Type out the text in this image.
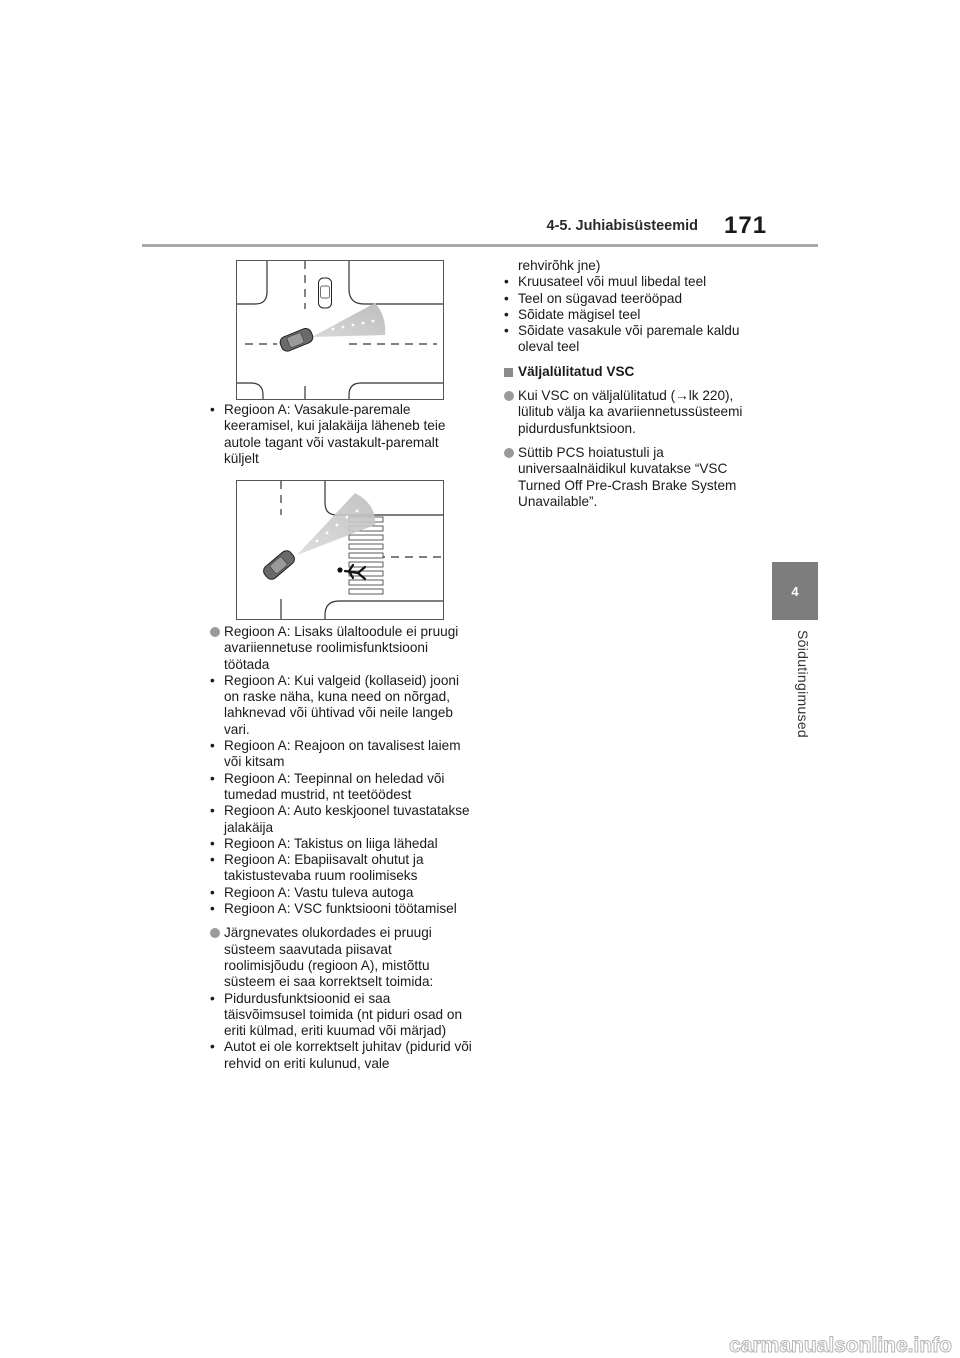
4-5. Juhiabisüsteemid 171
4
Sõidutingimused
• Regioon A: Vasakule-paremale keeramisel, kui jalakäija läheneb teie autole tagant või vastakult-paremalt küljelt
Regioon A: Lisaks ülaltoodule ei pruugi avariiennetuse roolimisfunktsiooni töötada
• Regioon A: Kui valgeid (kollaseid) jooni on raske näha, kuna need on nõrgad, lahknevad või ühtivad või neile langeb vari.
• Regioon A: Reajoon on tavalisest laiem või kitsam
• Regioon A: Teepinnal on heledad või tumedad mustrid, nt teetöödest
• Regioon A: Auto keskjoonel tuvastatakse jalakäija
• Regioon A: Takistus on liiga lähedal
• Regioon A: Ebapiisavalt ohutut ja takistustevaba ruum roolimiseks
• Regioon A: Vastu tuleva autoga
• Regioon A: VSC funktsiooni töötamisel
Järgnevates olukordades ei pruugi süsteem saavutada piisavat roolimisjõudu (regioon A), mistõttu süsteem ei saa korrektselt toimida:
• Pidurdusfunktsioonid ei saa täisvõimsusel toimida (nt piduri osad on eriti külmad, eriti kuumad või märjad)
• Autot ei ole korrektselt juhitav (pidurid või rehvid on eriti kulunud, vale
rehvirõhk jne)
• Kruusateel või muul libedal teel
• Teel on sügavad teerööpad
• Sõidate mägisel teel
• Sõidate vasakule või paremale kaldu oleval teel
Väljalülitatud VSC
Kui VSC on väljalülitatud (→lk 220), lülitub välja ka avariiennetussüsteemi pidurdusfunktsioon.
Süttib PCS hoiatustuli ja universaalnäidikul kuvatakse “VSC Turned Off Pre-Crash Brake System Unavailable”.
carmanualsonline.info
